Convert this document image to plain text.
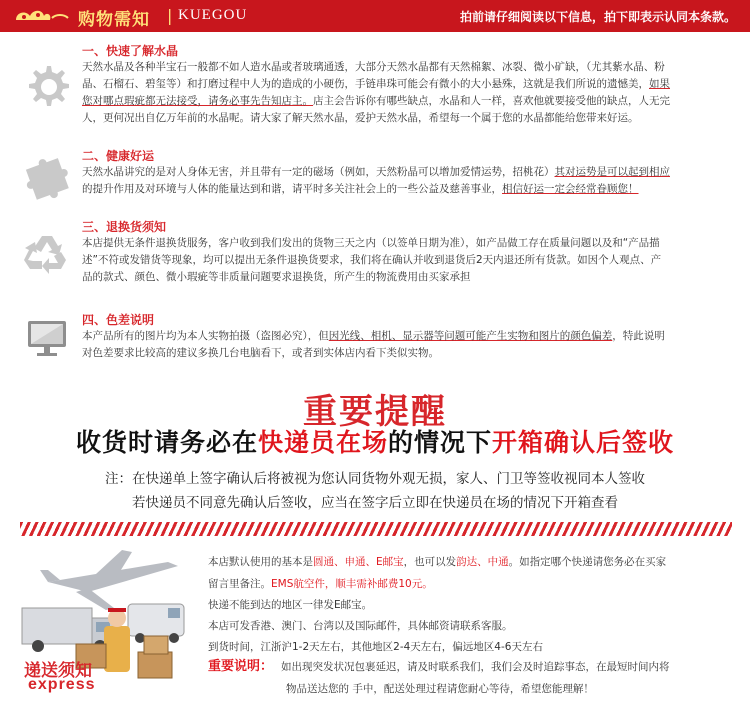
购物需知 | KUEGOU	拍前请仔细阅读以下信息，拍下即表示认同本条款。
一、快速了解水晶
天然水晶及各种半宝石一般都不如人造水晶或者玻璃通透，大部分天然水晶都有天然棉絮、冰裂、微小矿缺，（尤其紫水晶、粉
晶、石榴石、碧玺等）和打磨过程中人为的造成的小硬伤，手链串珠可能会有微小的大小悬殊，这就是我们所说的遗憾美，如果
您对哪点瑕疵都无法接受，请务必事先告知店主。店主会告诉你有哪些缺点，水晶和人一样，喜欢他就要接受他的缺点，人无完
人，更何况出自亿万年前的水晶呢。请大家了解天然水晶，爱护天然水晶，希望每一个属于您的水晶都能给您带来好运。
二、健康好运
天然水晶讲究的是对人身体无害，并且带有一定的磁场（例如，天然粉晶可以增加爱情运势，招桃花）其对运势是可以起到相应
的提升作用及对环境与人体的能量达到和谐，请平时多关注社会上的一些公益及慈善事业，相信好运一定会经常眷顾您！
三、退换货须知
本店提供无条件退换货服务，客户收到我们发出的货物三天之内（以签单日期为准），如产品做工存在质量问题以及和“产品描
述”不符或发错货等现象，均可以提出无条件退换货要求，我们将在确认并收到退货后2天内退还所有货款。如因个人观点、产
品的款式、颜色、微小瑕疵等非质量问题要求退换货，所产生的物流费用由买家承担
四、色差说明
本产品所有的图片均为本人实物拍摄（盗图必究），但因光线、相机、显示器等问题可能产生实物和图片的颜色偏差，特此说明
对色差要求比较高的建议多换几台电脑看下，或者到实体店内看下类似实物。
重要提醒
收货时请务必在快递员在场的情况下开箱确认后签收
注：在快递单上签字确认后将被视为您认同货物外观无损，家人、门卫等签收视同本人签收
若快递员不同意先确认后签收，应当在签字后立即在快递员在场的情况下开箱查看
递送须知
express
本店默认使用的基本是圆通、申通、E邮宝，也可以发韵达、中通。如指定哪个快递请您务必在买家
留言里备注。EMS航空件，顺丰需补邮费10元。
快递不能到达的地区一律发E邮宝。
本店可发香港、澳门、台湾以及国际邮件，具体邮资请联系客服。
到货时间，江浙沪1-2天左右，其他地区2-4天左右，偏远地区4-6天左右
重要说明： 如出现突发状况包裹延迟，请及时联系我们，我们会及时追踪事态，在最短时间内将
物品送达您的 手中，配送处理过程请您耐心等待，希望您能理解！
